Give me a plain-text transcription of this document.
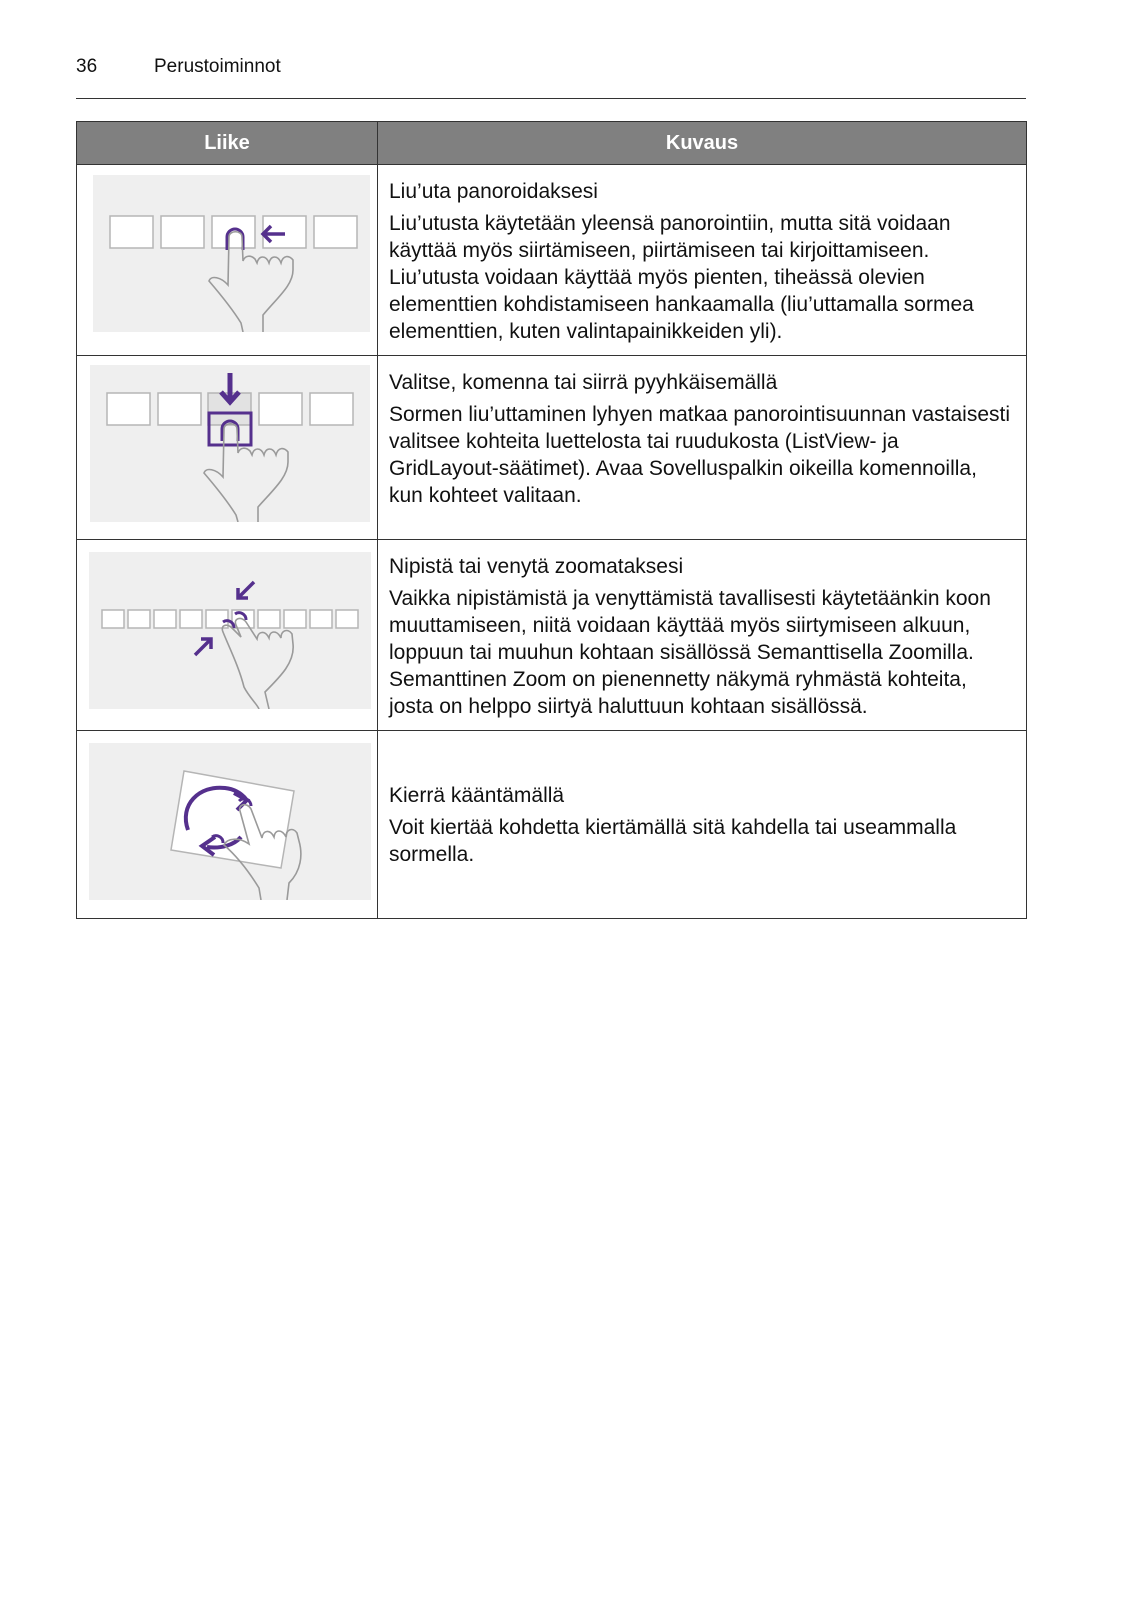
36	Perustoiminnot
Liike	Kuvaus

Liu’uta panoroidaksesi

Liu’utusta käytetään yleensä panorointiin, mutta sitä voidaan käyttää myös siirtämiseen, piirtämiseen tai kirjoittamiseen. Liu’utusta voidaan käyttää myös pienten, tiheässä olevien elementtien kohdistamiseen hankaamalla (liu’uttamalla sormea elementtien, kuten valintapainikkeiden yli).

Valitse, komenna tai siirrä pyyhkäisemällä

Sormen liu’uttaminen lyhyen matkaa panorointisuunnan vastaisesti valitsee kohteita luettelosta tai ruudukosta (ListView- ja GridLayout-säätimet). Avaa Sovelluspalkin oikeilla komennoilla, kun kohteet valitaan.

Nipistä tai venytä zoomataksesi

Vaikka nipistämistä ja venyttämistä tavallisesti käytetäänkin koon muuttamiseen, niitä voidaan käyttää myös siirtymiseen alkuun, loppuun tai muuhun kohtaan sisällössä Semanttisella Zoomilla. Semanttinen Zoom on pienennetty näkymä ryhmästä kohteita, josta on helppo siirtyä haluttuun kohtaan sisällössä.

Kierrä kääntämällä

Voit kiertää kohdetta kiertämällä sitä kahdella tai useammalla sormella.
